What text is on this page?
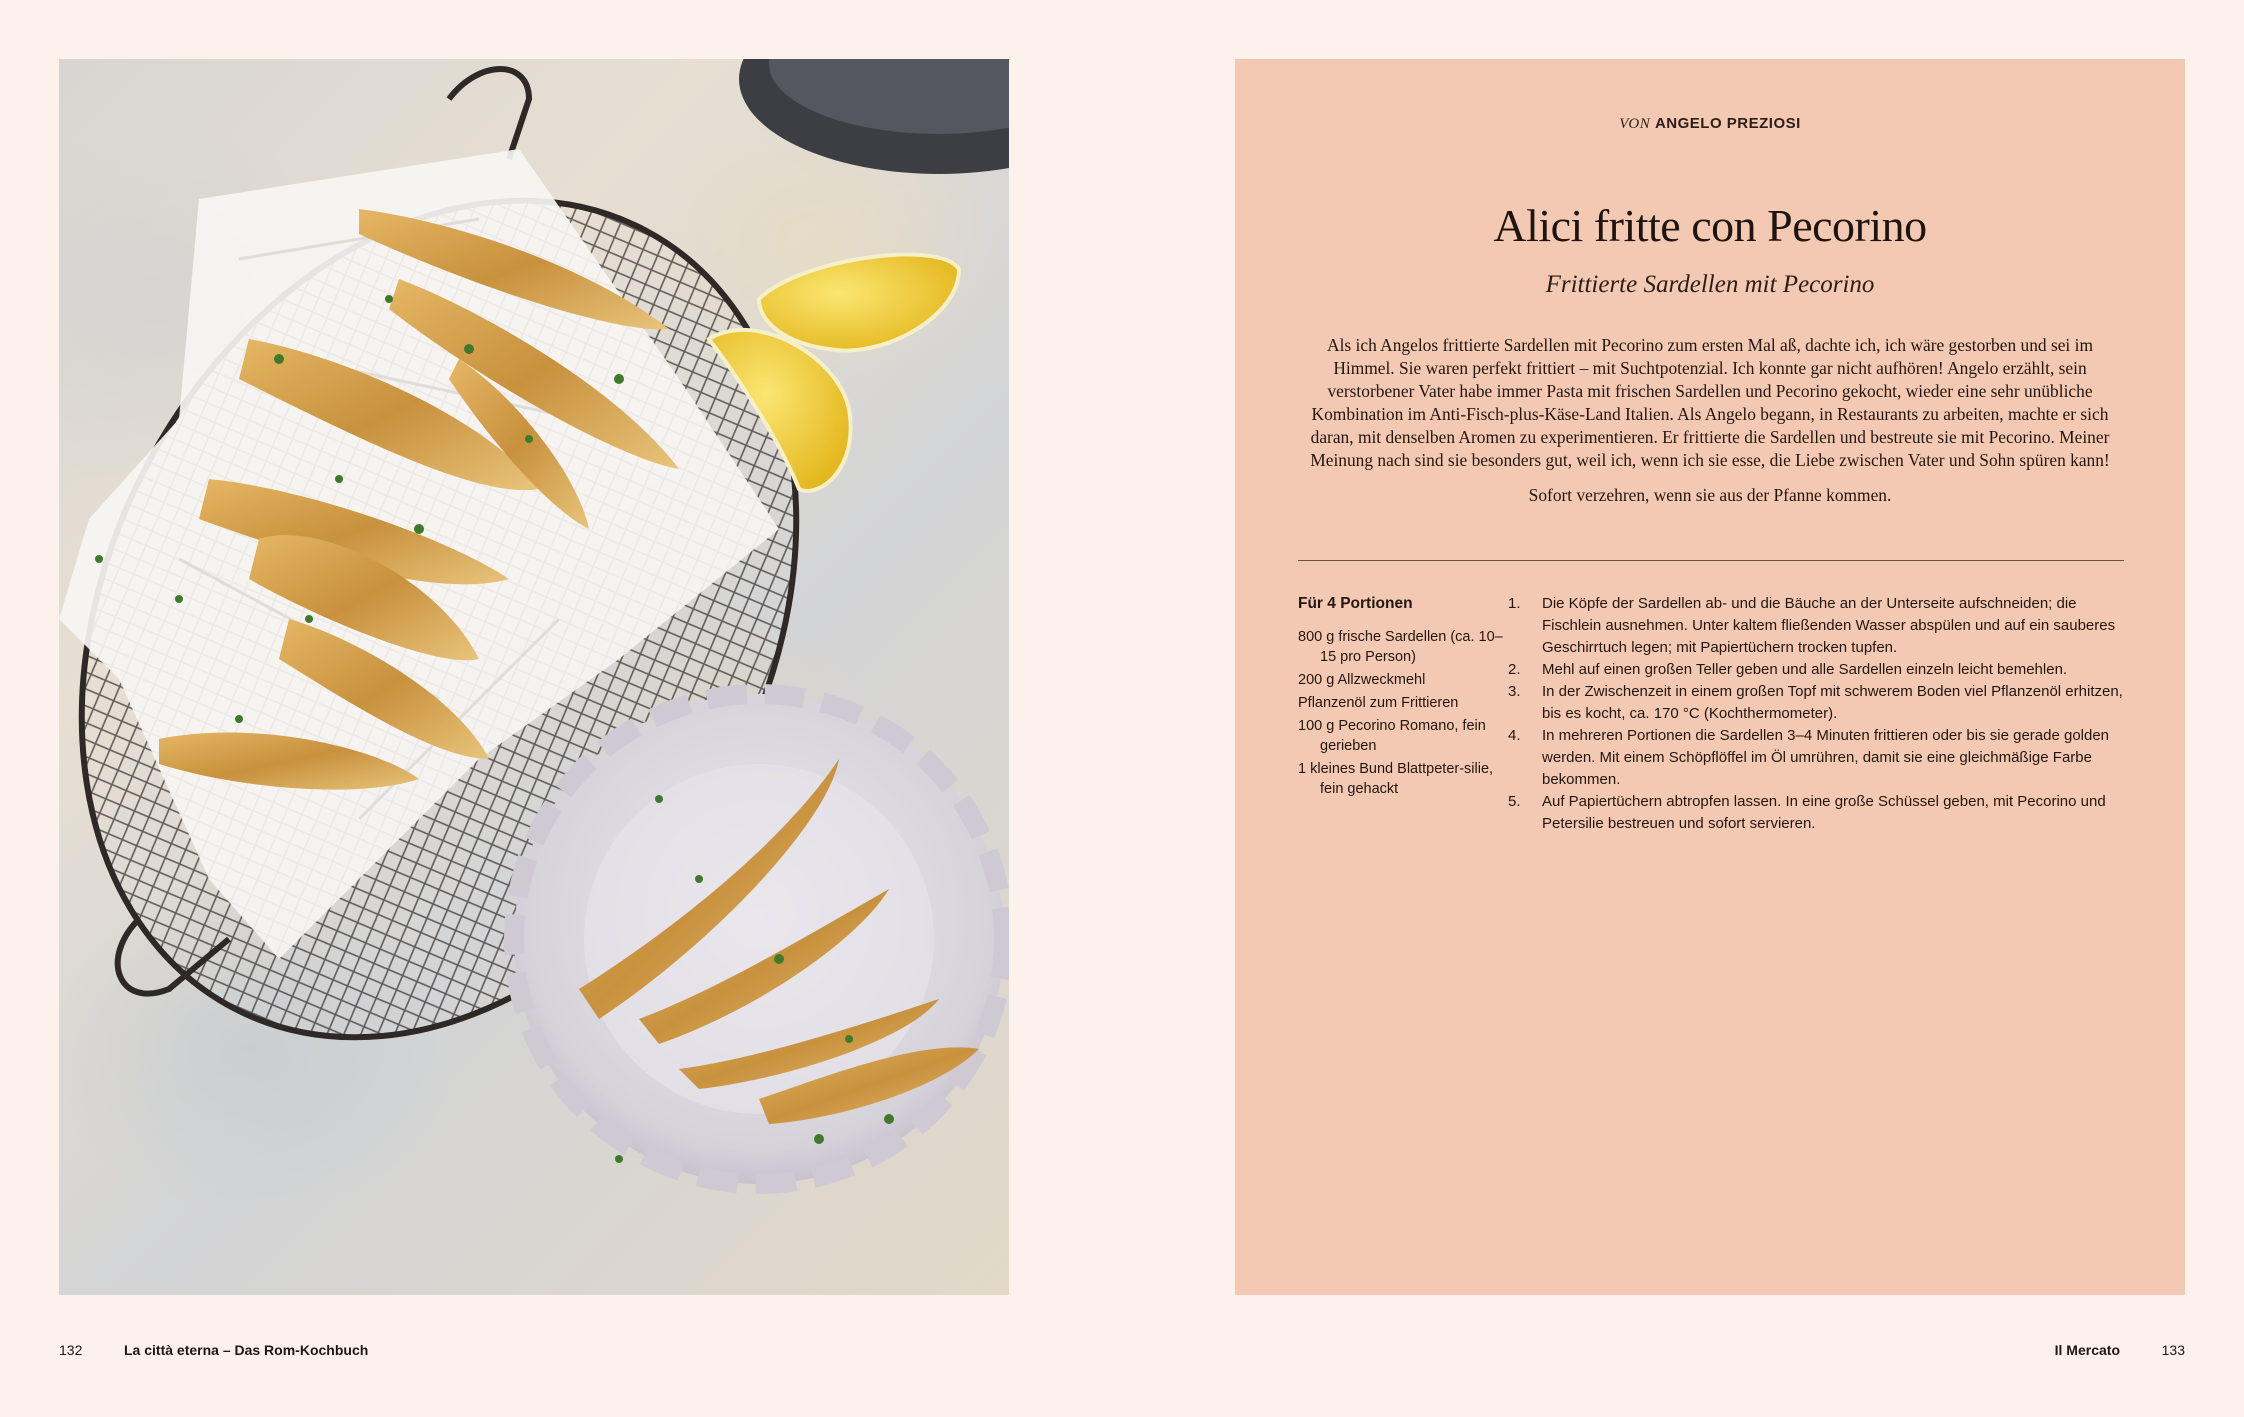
VON ANGELO PREZIOSI
Alici fritte con Pecorino
Frittierte Sardellen mit Pecorino

Als ich Angelos frittierte Sardellen mit Pecorino zum ersten Mal aß, dachte ich, ich wäre gestorben und sei im Himmel. Sie waren perfekt frittiert – mit Suchtpotenzial. Ich konnte gar nicht aufhören! Angelo erzählt, sein verstorbener Vater habe immer Pasta mit frischen Sardellen und Pecorino gekocht, wieder eine sehr unübliche Kombination im Anti-Fisch-plus-Käse-Land Italien. Als Angelo begann, in Restaurants zu arbeiten, machte er sich daran, mit denselben Aromen zu experimentieren. Er frittierte die Sardellen und bestreute sie mit Pecorino. Meiner Meinung nach sind sie besonders gut, weil ich, wenn ich sie esse, die Liebe zwischen Vater und Sohn spüren kann!

Sofort verzehren, wenn sie aus der Pfanne kommen.

Für 4 Portionen
800 g frische Sardellen (ca. 10–15 pro Person)
200 g Allzweckmehl
Pflanzenöl zum Frittieren
100 g Pecorino Romano, fein gerieben
1 kleines Bund Blattpeter-silie, fein gehackt
1. Die Köpfe der Sardellen ab- und die Bäuche an der Unterseite aufschneiden; die Fischlein ausnehmen. Unter kaltem fließenden Wasser abspülen und auf ein sauberes Geschirrtuch legen; mit Papiertüchern trocken tupfen.
2. Mehl auf einen großen Teller geben und alle Sardellen einzeln leicht bemehlen.
3. In der Zwischenzeit in einem großen Topf mit schwerem Boden viel Pflanzenöl erhitzen, bis es kocht, ca. 170 °C (Kochthermometer).
4. In mehreren Portionen die Sardellen 3–4 Minuten frittieren oder bis sie gerade golden werden. Mit einem Schöpflöffel im Öl umrühren, damit sie eine gleichmäßige Farbe bekommen.
5. Auf Papiertüchern abtropfen lassen. In eine große Schüssel geben, mit Pecorino und Petersilie bestreuen und sofort servieren.
132	La città eterna – Das Rom-Kochbuch	Il Mercato	133
